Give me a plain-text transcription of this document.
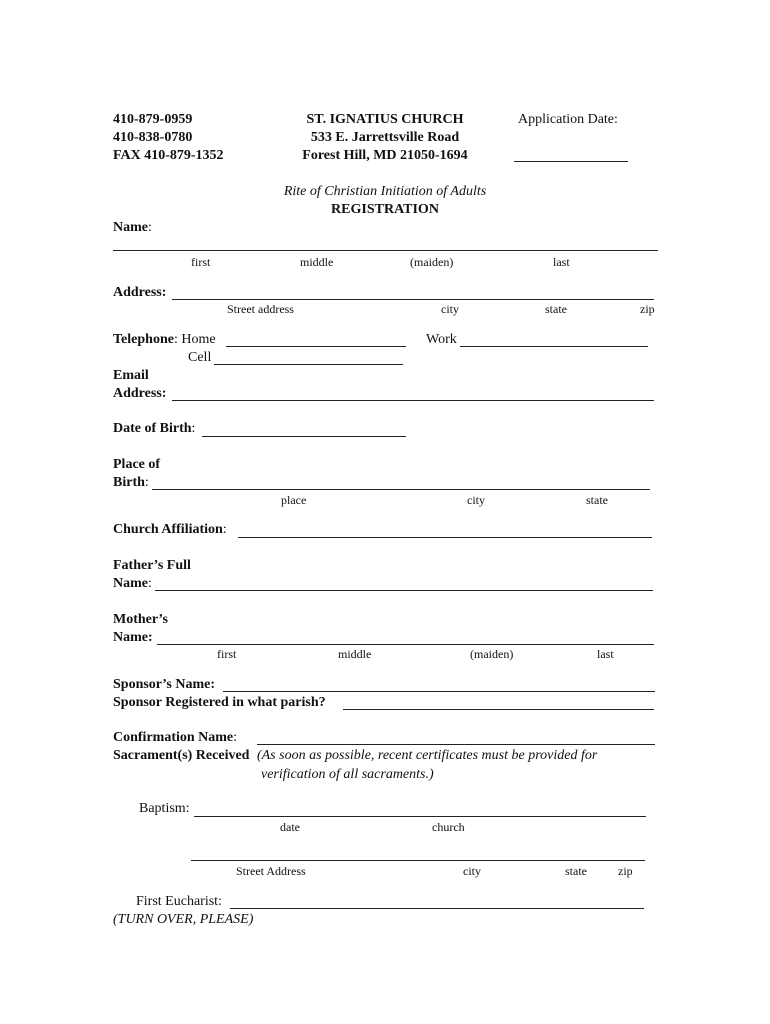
410-879-0959
410-838-0780
FAX 410-879-1352
ST. IGNATIUS CHURCH
533 E. Jarrettsville Road
Forest Hill, MD 21050-1694
Application Date:
Rite of Christian Initiation of Adults
REGISTRATION
Name:
first	middle	(maiden)	last
Address:
Street address	city	state	zip
Telephone: Home	Work
Cell
Email
Address:
Date of Birth:
Place of
Birth:
place	city	state
Church Affiliation:
Father’s Full
Name:
Mother’s
Name:
first	middle	(maiden)	last
Sponsor’s Name:
Sponsor Registered in what parish?
Confirmation Name:
Sacrament(s) Received (As soon as possible, recent certificates must be provided for
verification of all sacraments.)
Baptism:
date	church
Street Address	city	state	zip
First Eucharist:
(TURN OVER, PLEASE)
